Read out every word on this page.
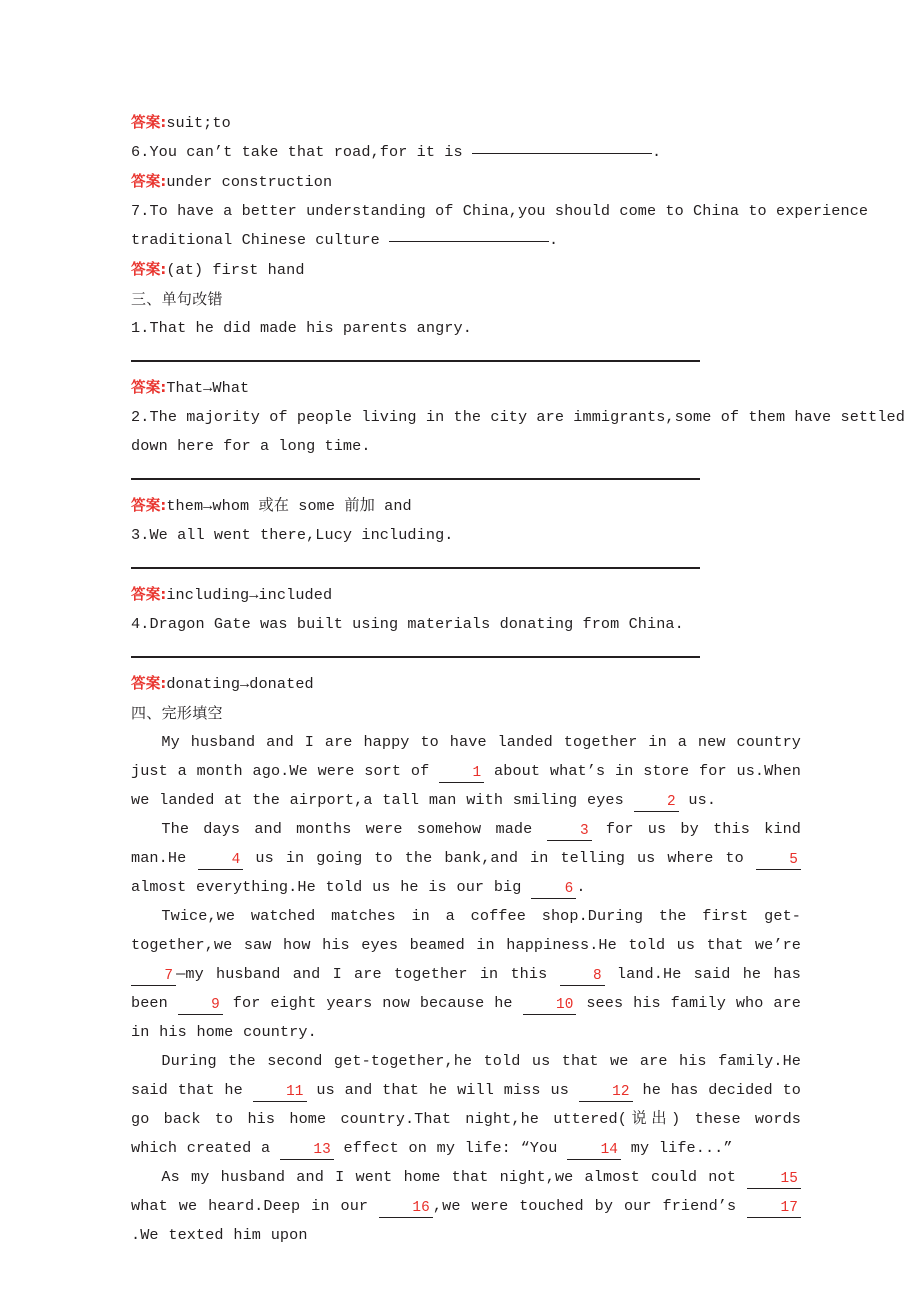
答案:suit;to
6.You can’t take that road,for it is	.
答案:under construction
7.To have a better understanding of China,you should come to China to experience
traditional Chinese culture	.
答案:(at) first hand
三、单句改错
1.That he did made his parents angry.
答案:That→What
2.The majority of people living in the city are immigrants,some of them have settled
down here for a long time.
答案:them→whom 或在 some 前加 and
3.We all went there,Lucy including.
答案:including→included
4.Dragon Gate was built using materials donating from China.
答案:donating→donated
四、完形填空
My husband and I are happy to have landed together in a new country just a month ago.We were sort of 1 about what’s in store for us.When we landed at the airport,a tall man with smiling eyes 2 us.
The days and months were somehow made 3 for us by this kind man.He 4 us in going to the bank,and in telling us where to 5 almost everything.He told us he is our big 6 .
Twice,we watched matches in a coffee shop.During the first get-together,we saw how his eyes beamed in happiness.He told us that we’re 7 —my husband and I are together in this 8 land.He said he has been 9 for eight years now because he 10 sees his family who are in his home country.
During the second get-together,he told us that we are his family.He said that he 11 us and that he will miss us 12 he has decided to go back to his home country.That night,he uttered(说出) these words which created a 13 effect on my life: “You 14 my life...”
As my husband and I went home that night,we almost could not 15 what we heard.Deep in our 16 ,we were touched by our friend’s 17.We texted him upon
